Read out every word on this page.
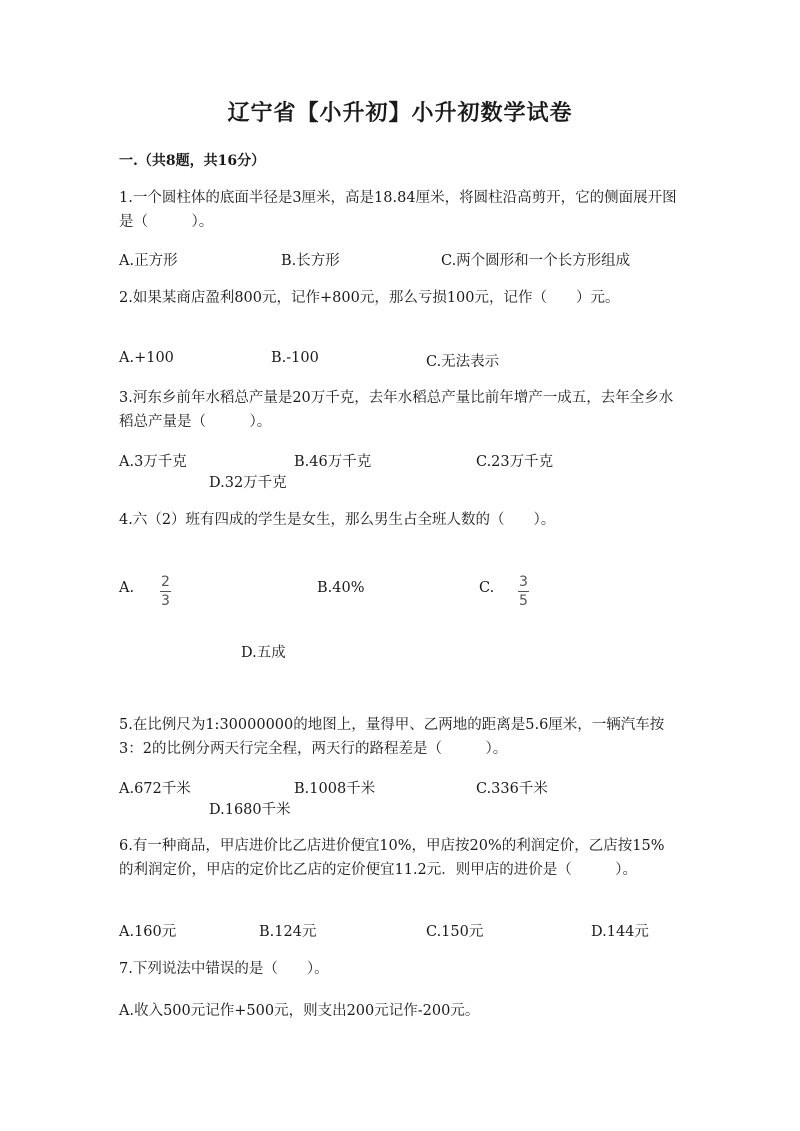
辽宁省【小升初】小升初数学试卷
一.（共8题，共16分）
1.一个圆柱体的底面半径是3厘米，高是18.84厘米，将圆柱沿高剪开，它的侧面展开图是（　　　）。
A.正方形	B.长方形	C.两个圆形和一个长方形组成
2.如果某商店盈利800元，记作+800元，那么亏损100元，记作（　　）元。
A.+100	B.-100	C.无法表示
3.河东乡前年水稻总产量是20万千克，去年水稻总产量比前年增产一成五，去年全乡水稻总产量是（　　　）。
A.3万千克	B.46万千克	C.23万千克
D.32万千克
4.六（2）班有四成的学生是女生，那么男生占全班人数的（　　）。
A. 2
3
B.40%	C. 3
5
D.五成
5.在比例尺为1:30000000的地图上，量得甲、乙两地的距离是5.6厘米，一辆汽车按3：2的比例分两天行完全程，两天行的路程差是（　　　）。
A.672千米	B.1008千米	C.336千米
D.1680千米
6.有一种商品，甲店进价比乙店进价便宜10%，甲店按20%的利润定价，乙店按15%的利润定价，甲店的定价比乙店的定价便宜11.2元．则甲店的进价是（　　　）。
A.160元	B.124元	C.150元	D.144元
7.下列说法中错误的是（　　）。
A.收入500元记作+500元，则支出200元记作-200元。
